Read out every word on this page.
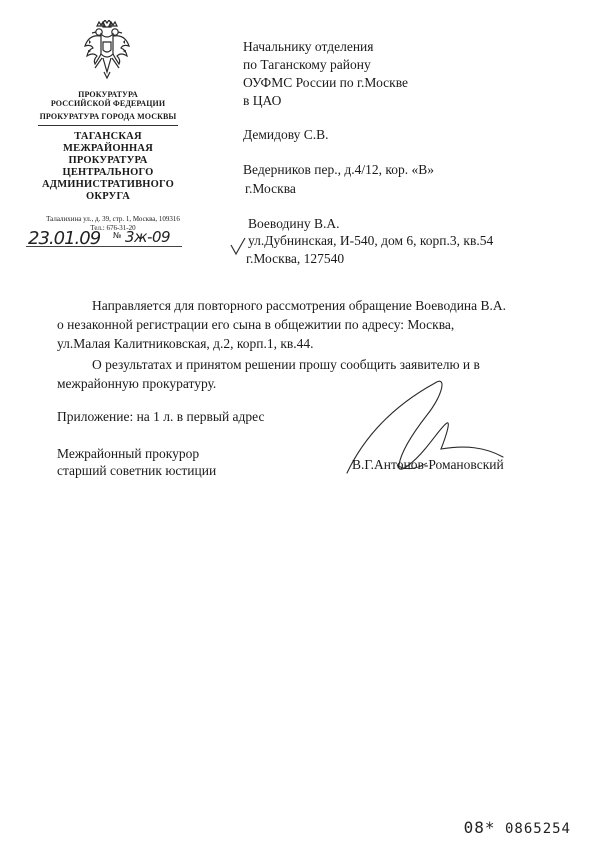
ПРОКУРАТУРА
РОССИЙСКОЙ ФЕДЕРАЦИИ
ПРОКУРАТУРА ГОРОДА МОСКВЫ
ТАГАНСКАЯ
МЕЖРАЙОННАЯ
ПРОКУРАТУРА
ЦЕНТРАЛЬНОГО
АДМИНИСТРАТИВНОГО
ОКРУГА
Талалихина ул., д. 39, стр. 1, Москва, 109316
Тел.: 676-31-20
23.01.09 № 3ж-09
Начальнику отделения
по Таганскому району
ОУФМС России по г.Москве
в ЦАО
Демидову С.В.
Ведерников пер., д.4/12, кор. «В»
г.Москва
Воеводину В.А.
ул.Дубнинская, И-540, дом 6, корп.3, кв.54
г.Москва, 127540
Направляется для повторного рассмотрения обращение Воеводина В.А.
о незаконной регистрации его сына в общежитии по адресу: Москва,
ул.Малая Калитниковская, д.2, корп.1, кв.44.
О результатах и принятом решении прошу сообщить заявителю и в
межрайонную прокуратуру.
Приложение: на 1 л. в первый адрес
Межрайонный прокурор
старший советник юстиции	В.Г.Антонов-Романовский
08* 0865254
